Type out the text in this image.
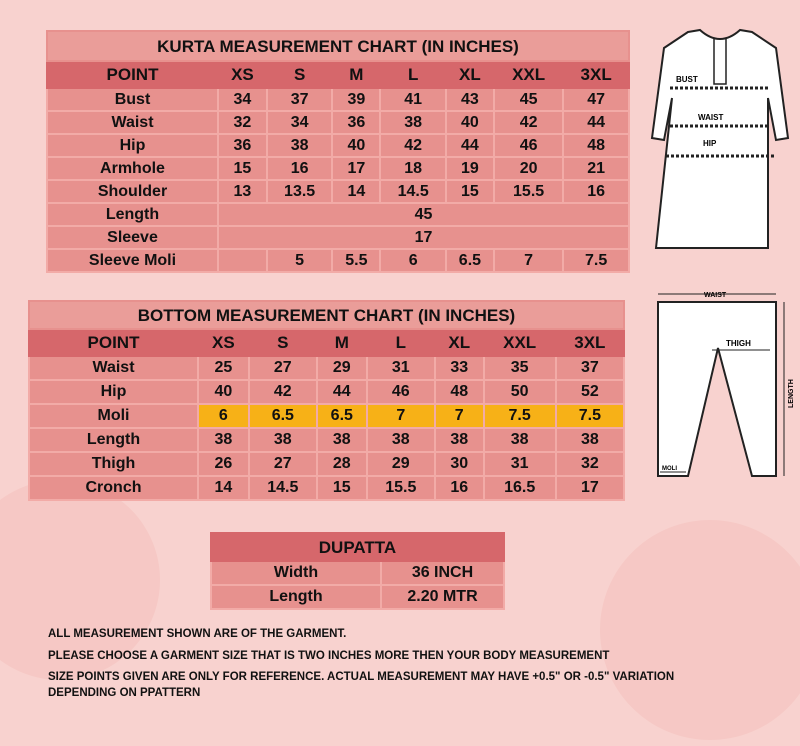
KURTA MEASUREMENT CHART (IN INCHES)							
POINT	XS	S	M	L	XL	XXL	3XL
Bust	34	37	39	41	43	45	47
Waist	32	34	36	38	40	42	44
Hip	36	38	40	42	44	46	48
Armhole	15	16	17	18	19	20	21
Shoulder	13	13.5	14	14.5	15	15.5	16
Length	45						
Sleeve	17						
Sleeve Moli		5	5.5	6	6.5	7	7.5
BOTTOM MEASUREMENT CHART (IN INCHES)							
POINT	XS	S	M	L	XL	XXL	3XL
Waist	25	27	29	31	33	35	37
Hip	40	42	44	46	48	50	52
Moli	6	6.5	6.5	7	7	7.5	7.5
Length	38	38	38	38	38	38	38
Thigh	26	27	28	29	30	31	32
Cronch	14	14.5	15	15.5	16	16.5	17
DUPATTA	
Width	36 INCH
Length	2.20 MTR
BUST
WAIST
HIP
WAIST
THIGH
LENGTH
MOLI
ALL MEASUREMENT SHOWN ARE OF THE GARMENT.
PLEASE CHOOSE A GARMENT SIZE THAT IS TWO INCHES MORE THEN YOUR BODY MEASUREMENT
SIZE POINTS GIVEN ARE ONLY FOR REFERENCE. ACTUAL MEASUREMENT MAY HAVE +0.5" OR -0.5" VARIATION
DEPENDING ON PPATTERN
